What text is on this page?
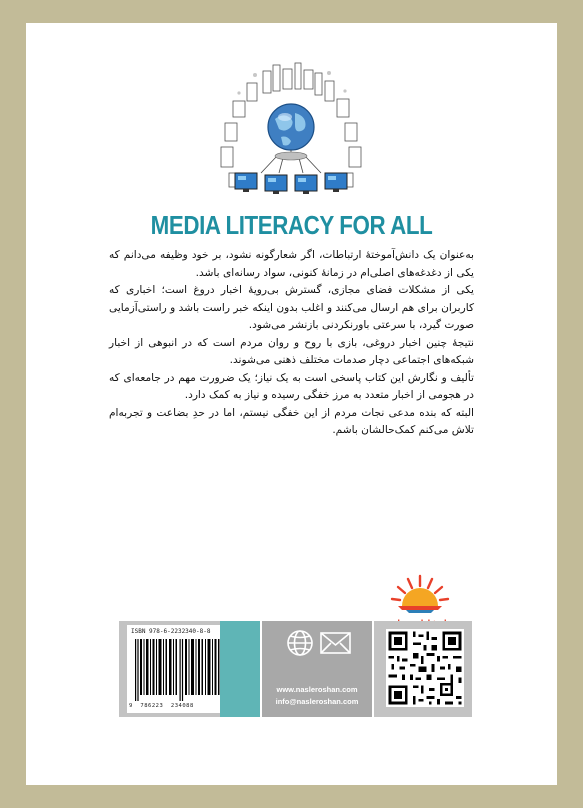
MEDIA LITERACY FOR ALL

به‌عنوان یک دانش‌آموختهٔ ارتباطات، اگر شعارگونه نشود، بر خود وظیفه می‌دانم که یکی از دغدغه‌های اصلی‌ام در زمانهٔ کنونی، سواد رسانه‌ای باشد.

یکی از مشکلات فضای مجازی، گسترش بی‌رویهٔ اخبار دروغ است؛ اخباری که کاربران برای هم ارسال می‌کنند و اغلب بدون اینکه خبر راست باشد و راستی‌آزمایی صورت گیرد، با سرعتی باورنکردنی بازنشر می‌شود.

نتیجهٔ چنین اخبار دروغی، بازی با روح و روان مردم است که در انبوهی از اخبار شبکه‌های اجتماعی دچار صدمات مختلف ذهنی می‌شوند.

تألیف و نگارش این کتاب پاسخی است به یک نیاز؛ یک ضرورت مهم در جامعه‌ای که در هجومی از اخبار متعدد به مرز خفگی رسیده و نیاز به کمک دارد.

البته که بنده مدعی نجات مردم از این خفگی نیستم، اما در حدِ بضاعت و تجربه‌ام تلاش می‌کنم کمک‌حالشان باشم.

ISBN 978-6-2232340-8-8
9  786223  234088
www.nasleroshan.com
info@nasleroshan.com
